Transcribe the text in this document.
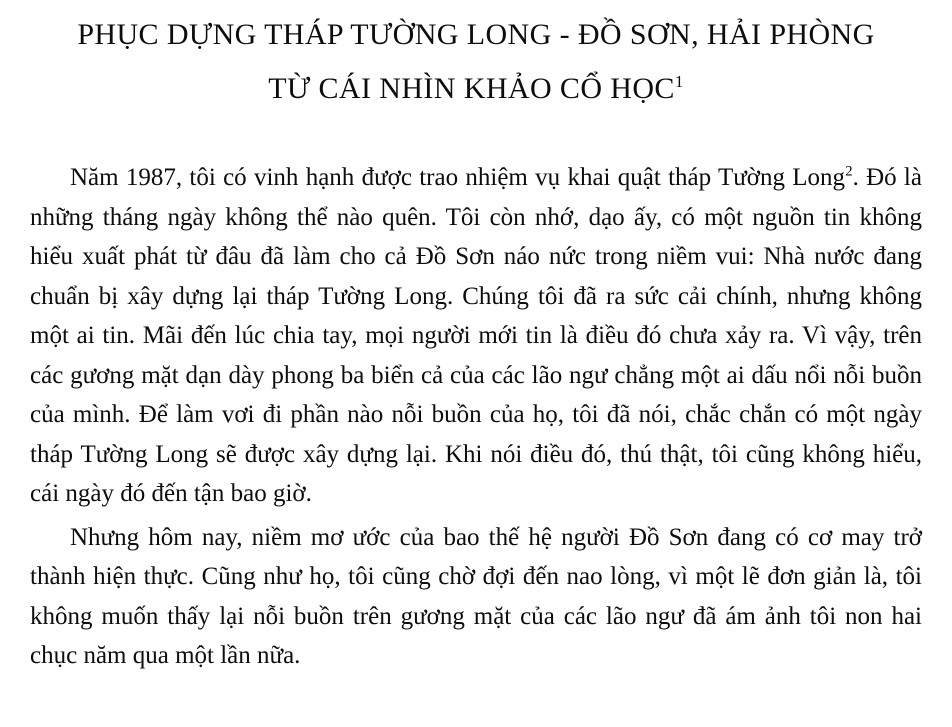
PHỤC DỰNG THÁP TƯỜNG LONG - ĐỒ SƠN, HẢI PHÒNG
TỪ CÁI NHÌN KHẢO CỔ HỌC$^1$

Năm 1987, tôi có vinh hạnh được trao nhiệm vụ khai quật tháp Tường Long$^2$. Đó là những tháng ngày không thể nào quên. Tôi còn nhớ, dạo ấy, có một nguồn tin không hiểu xuất phát từ đâu đã làm cho cả Đồ Sơn náo nức trong niềm vui: Nhà nước đang chuẩn bị xây dựng lại tháp Tường Long. Chúng tôi đã ra sức cải chính, nhưng không một ai tin. Mãi đến lúc chia tay, mọi người mới tin là điều đó chưa xảy ra. Vì vậy, trên các gương mặt dạn dày phong ba biển cả của các lão ngư chẳng một ai dấu nổi nỗi buồn của mình. Để làm vơi đi phần nào nỗi buồn của họ, tôi đã nói, chắc chắn có một ngày tháp Tường Long sẽ được xây dựng lại. Khi nói điều đó, thú thật, tôi cũng không hiểu, cái ngày đó đến tận bao giờ.

Nhưng hôm nay, niềm mơ ước của bao thế hệ người Đồ Sơn đang có cơ may trở thành hiện thực. Cũng như họ, tôi cũng chờ đợi đến nao lòng, vì một lẽ đơn giản là, tôi không muốn thấy lại nỗi buồn trên gương mặt của các lão ngư đã ám ảnh tôi non hai chục năm qua một lần nữa.
